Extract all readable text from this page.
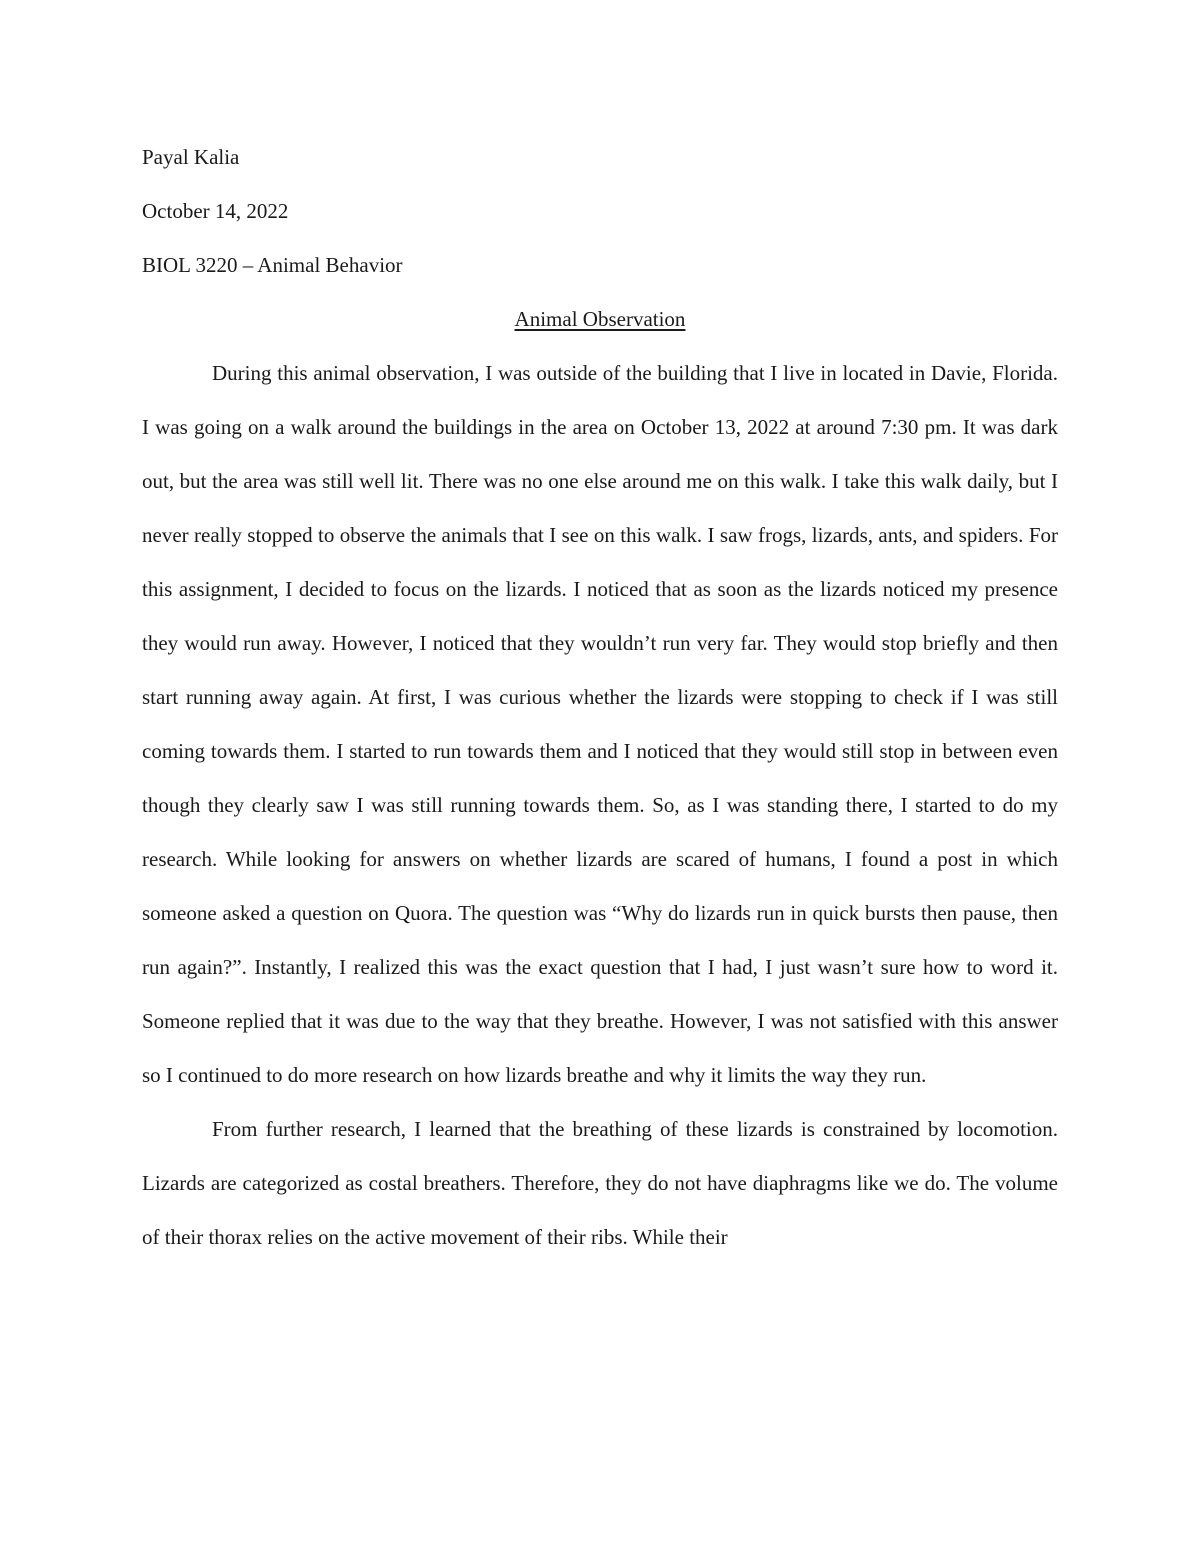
Payal Kalia
October 14, 2022
BIOL 3220 – Animal Behavior
Animal Observation

During this animal observation, I was outside of the building that I live in located in Davie, Florida. I was going on a walk around the buildings in the area on October 13, 2022 at around 7:30 pm. It was dark out, but the area was still well lit. There was no one else around me on this walk. I take this walk daily, but I never really stopped to observe the animals that I see on this walk. I saw frogs, lizards, ants, and spiders. For this assignment, I decided to focus on the lizards. I noticed that as soon as the lizards noticed my presence they would run away. However, I noticed that they wouldn’t run very far. They would stop briefly and then start running away again. At first, I was curious whether the lizards were stopping to check if I was still coming towards them. I started to run towards them and I noticed that they would still stop in between even though they clearly saw I was still running towards them. So, as I was standing there, I started to do my research. While looking for answers on whether lizards are scared of humans, I found a post in which someone asked a question on Quora. The question was “Why do lizards run in quick bursts then pause, then run again?”. Instantly, I realized this was the exact question that I had, I just wasn’t sure how to word it. Someone replied that it was due to the way that they breathe. However, I was not satisfied with this answer so I continued to do more research on how lizards breathe and why it limits the way they run.

From further research, I learned that the breathing of these lizards is constrained by locomotion. Lizards are categorized as costal breathers. Therefore, they do not have diaphragms like we do. The volume of their thorax relies on the active movement of their ribs. While their
